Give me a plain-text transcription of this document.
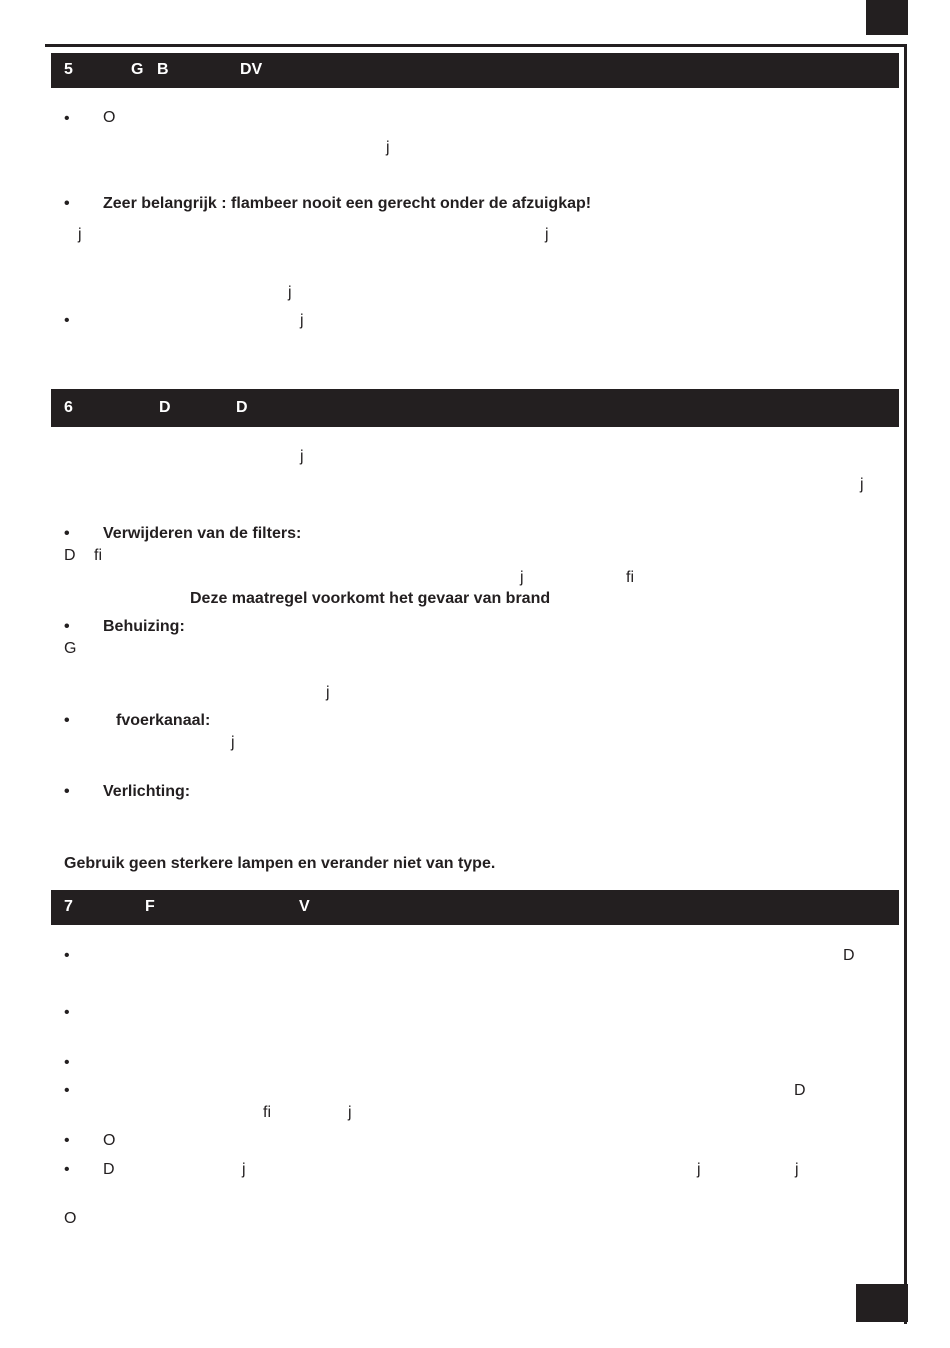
5	G B	DV
• O
j
• Zeer belangrijk : flambeer nooit een gerecht onder de afzuigkap!
j	j
j
•	j
6	D	D
j
j
• Verwijderen van de filters:
D fi
j	fi
Deze maatregel voorkomt het gevaar van brand
• Behuizing:
G
j
•	fvoerkanaal:
j
• Verlichting:
Gebruik geen sterkere lampen en verander niet van type.
7	F	V
•	D
•
•
•	D
fi	j
• O
• D	j	j	j
O
